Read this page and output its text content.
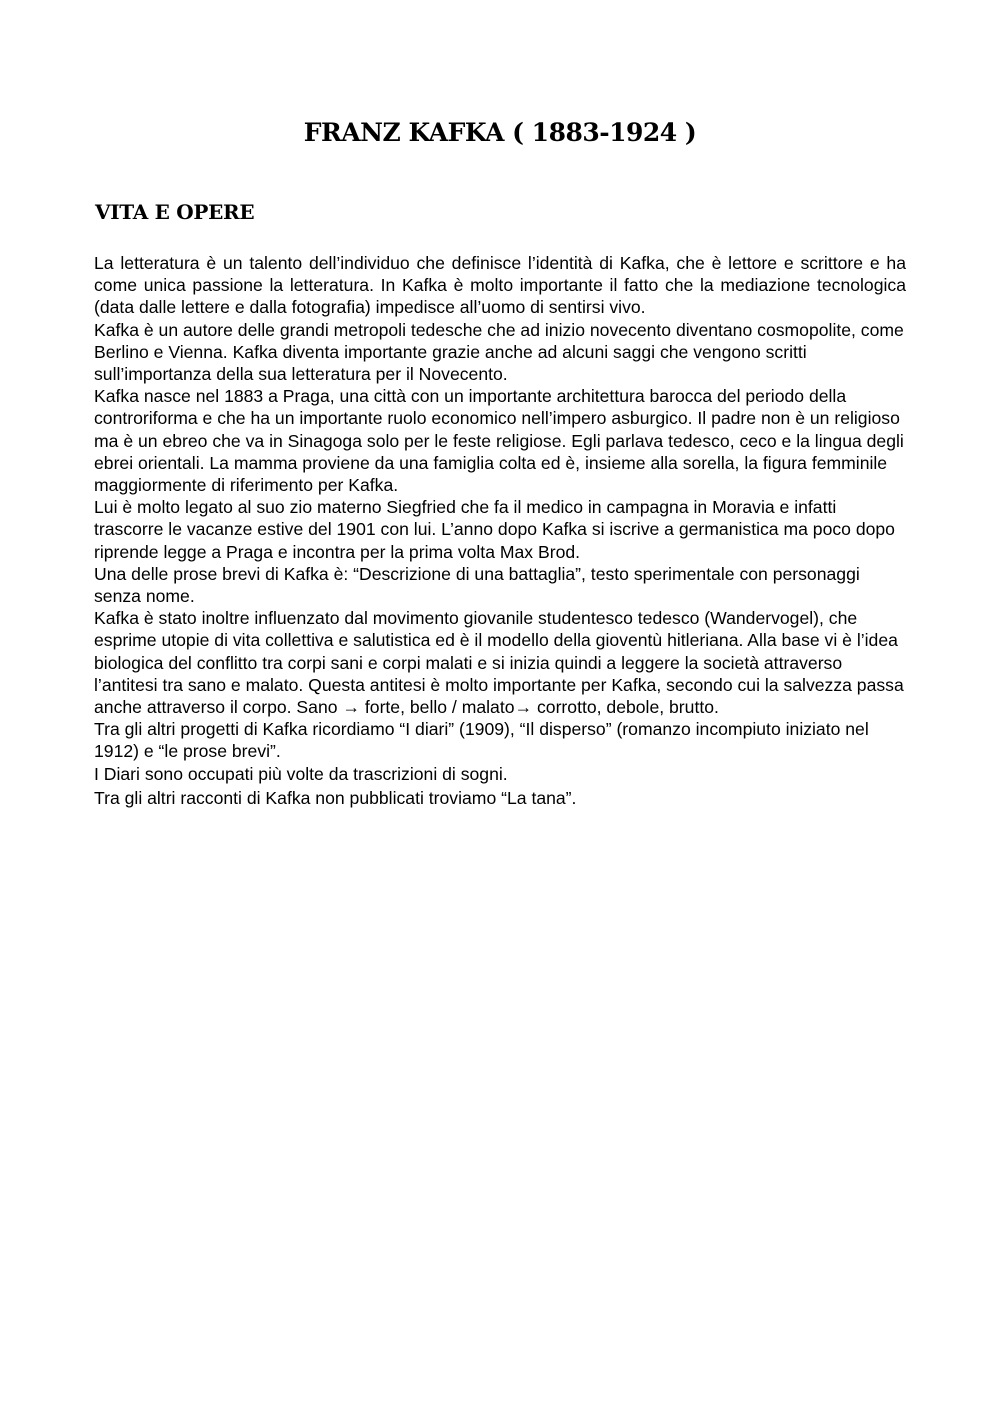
FRANZ KAFKA ( 1883-1924 )
VITA E OPERE

La letteratura è un talento dell’individuo che definisce l’identità di Kafka, che è lettore e scrittore e ha come unica passione la letteratura. In Kafka è molto importante il fatto che la mediazione tecnologica (data dalle lettere e dalla fotografia) impedisce all’uomo di sentirsi vivo.

Kafka è un autore delle grandi metropoli tedesche che ad inizio novecento diventano cosmopolite, come Berlino e Vienna. Kafka diventa importante grazie anche ad alcuni saggi che vengono scritti sull’importanza della sua letteratura per il Novecento.

Kafka nasce nel 1883 a Praga, una città con un importante architettura barocca del periodo della controriforma e che ha un importante ruolo economico nell’impero asburgico. Il padre non è un religioso ma è un ebreo che va in Sinagoga solo per le feste religiose. Egli parlava tedesco, ceco e la lingua degli ebrei orientali. La mamma proviene da una famiglia colta ed è, insieme alla sorella, la figura femminile maggiormente di riferimento per Kafka.

Lui è molto legato al suo zio materno Siegfried che fa il medico in campagna in Moravia e infatti trascorre le vacanze estive del 1901 con lui. L’anno dopo Kafka si iscrive a germanistica ma poco dopo riprende legge a Praga e incontra per la prima volta Max Brod.

Una delle prose brevi di Kafka è: “Descrizione di una battaglia”, testo sperimentale con personaggi senza nome.

Kafka è stato inoltre influenzato dal movimento giovanile studentesco tedesco (Wandervogel), che esprime utopie di vita collettiva e salutistica ed è il modello della gioventù hitleriana. Alla base vi è l’idea biologica del conflitto tra corpi sani e corpi malati e si inizia quindi a leggere la società attraverso l’antitesi tra sano e malato. Questa antitesi è molto importante per Kafka, secondo cui la salvezza passa anche attraverso il corpo. Sano → forte, bello / malato→ corrotto, debole, brutto.

Tra gli altri progetti di Kafka ricordiamo “I diari” (1909), “Il disperso” (romanzo incompiuto iniziato nel 1912) e “le prose brevi”.

I Diari sono occupati più volte da trascrizioni di sogni.

Tra gli altri racconti di Kafka non pubblicati troviamo “La tana”.
